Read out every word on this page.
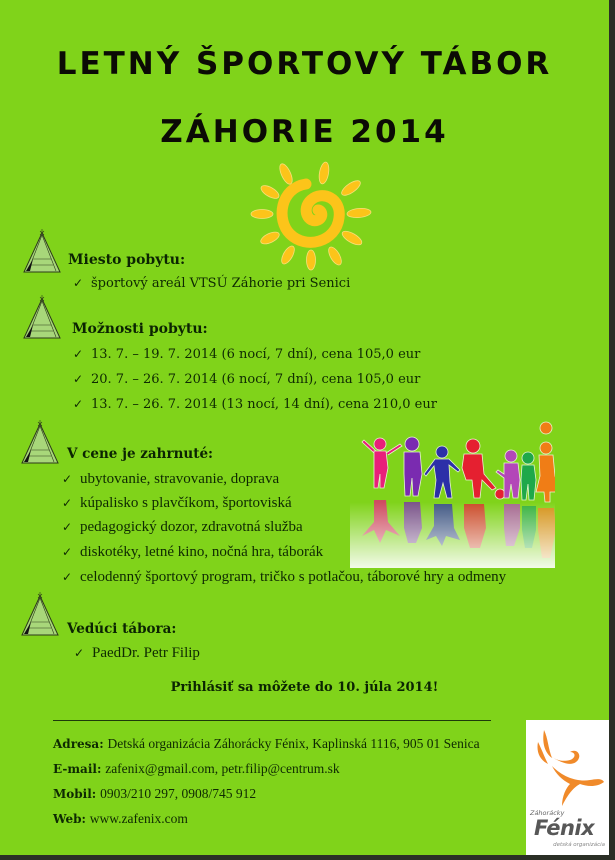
LETNÝ ŠPORTOVÝ TÁBOR
ZÁHORIE 2014
Miesto pobytu:
✓ športový areál VTSÚ Záhorie pri Senici
Možnosti pobytu:
✓ 13. 7. – 19. 7. 2014 (6 nocí, 7 dní), cena 105,0 eur
✓ 20. 7. – 26. 7. 2014 (6 nocí, 7 dní), cena 105,0 eur
✓ 13. 7. – 26. 7. 2014 (13 nocí, 14 dní), cena 210,0 eur
V cene je zahrnuté:
✓ ubytovanie, stravovanie, doprava
✓ kúpalisko s plavčíkom, športoviská
✓ pedagogický dozor, zdravotná služba
✓ diskotéky, letné kino, nočná hra, táborák
✓ celodenný športový program, tričko s potlačou, táborové hry a odmeny
Vedúci tábora:
✓ PaedDr. Petr Filip
Prihlásiť sa môžete do 10. júla 2014!
Adresa: Detská organizácia Záhorácky Fénix, Kaplinská 1116, 905 01 Senica
E-mail: zafenix@gmail.com, petr.filip@centrum.sk
Mobil: 0903/210 297, 0908/745 912
Web: www.zafenix.com	Záhorácky
Fénix
detská organizácia
